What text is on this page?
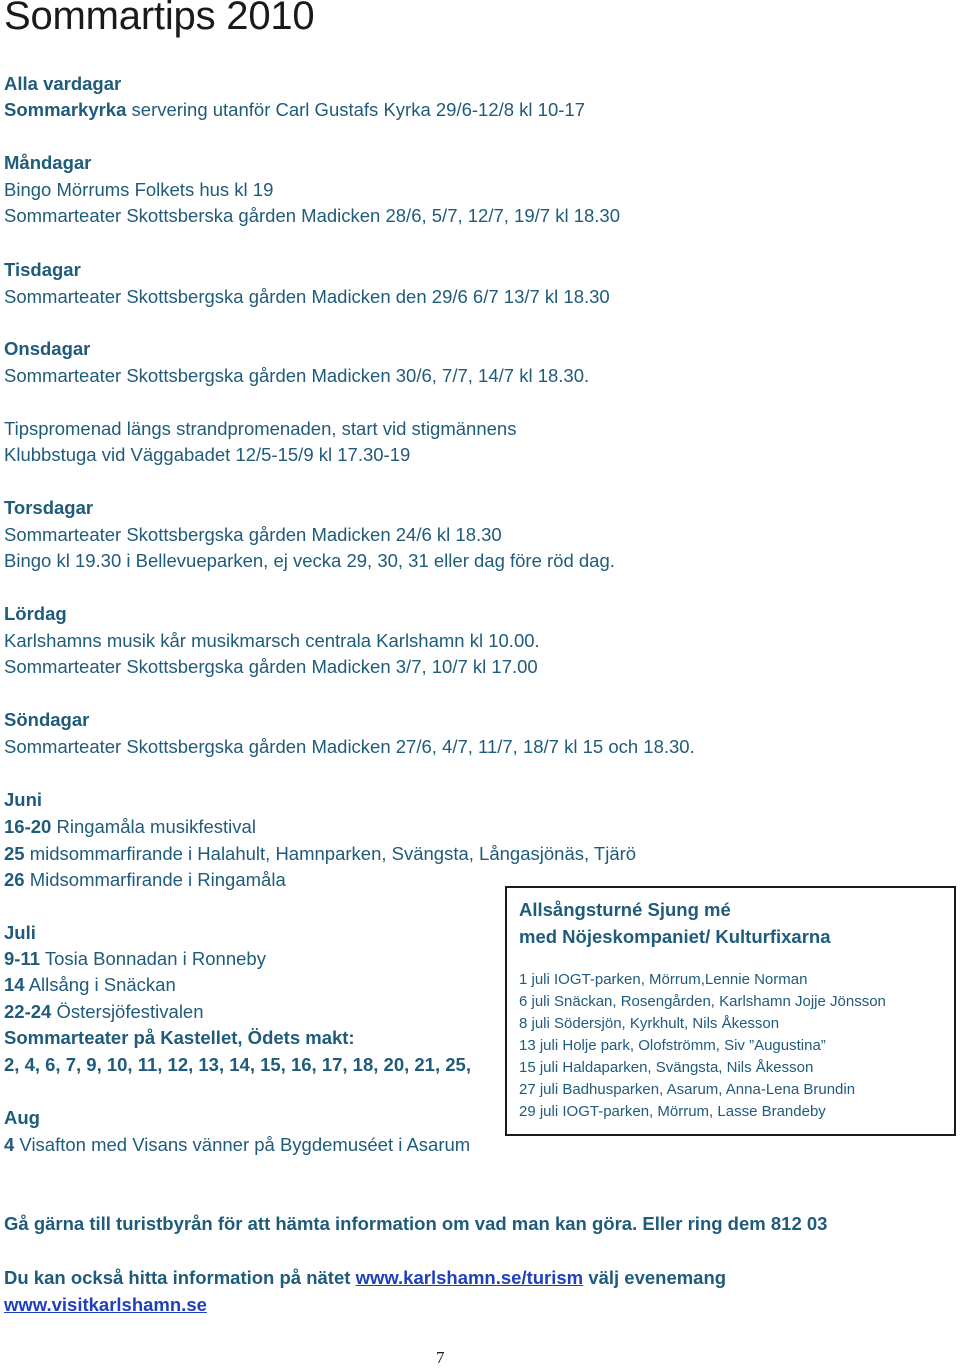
Sommartips 2010
Alla vardagar
Sommarkyrka servering utanför Carl Gustafs Kyrka 29/6-12/8 kl 10-17
Måndagar
Bingo Mörrums Folkets hus kl 19
Sommarteater Skottsberska gården Madicken 28/6, 5/7, 12/7, 19/7 kl 18.30
Tisdagar
Sommarteater Skottsbergska gården Madicken den 29/6 6/7 13/7 kl 18.30
Onsdagar
Sommarteater Skottsbergska gården Madicken 30/6, 7/7, 14/7 kl 18.30.
Tipspromenad längs strandpromenaden, start vid stigmännens
Klubbstuga vid Väggabadet 12/5-15/9 kl 17.30-19
Torsdagar
Sommarteater Skottsbergska gården Madicken 24/6 kl 18.30
Bingo kl 19.30 i Bellevueparken, ej vecka 29, 30, 31 eller dag före röd dag.
Lördag
Karlshamns musik kår musikmarsch centrala Karlshamn kl 10.00.
Sommarteater Skottsbergska gården Madicken 3/7, 10/7 kl 17.00
Söndagar
Sommarteater Skottsbergska gården Madicken 27/6, 4/7, 11/7, 18/7 kl 15 och 18.30.
Juni
16-20 Ringamåla musikfestival
25 midsommarfirande i Halahult, Hamnparken, Svängsta, Långasjönäs, Tjärö
26 Midsommarfirande i Ringamåla
Juli
9-11 Tosia Bonnadan i Ronneby
14 Allsång i Snäckan
22-24 Östersjöfestivalen
Sommarteater på Kastellet, Ödets makt:
2, 4, 6, 7, 9, 10, 11, 12, 13, 14, 15, 16, 17, 18, 20, 21, 25,
Aug
4 Visafton med Visans vänner på Bygdemuséet i Asarum
Allsångsturné Sjung mé
med Nöjeskompaniet/ Kulturfixarna
1 juli IOGT-parken, Mörrum,Lennie Norman
6 juli Snäckan, Rosengården, Karlshamn Jojje Jönsson
8 juli Södersjön, Kyrkhult, Nils Åkesson
13 juli Holje park, Olofströmm, Siv ”Augustina”
15 juli Haldaparken, Svängsta, Nils Åkesson
27 juli Badhusparken, Asarum, Anna-Lena Brundin
29 juli IOGT-parken, Mörrum, Lasse Brandeby
Gå gärna till turistbyrån för att hämta information om vad man kan göra. Eller ring dem 812 03
Du kan också hitta information på nätet www.karlshamn.se/turism välj evenemang
www.visitkarlshamn.se
7
